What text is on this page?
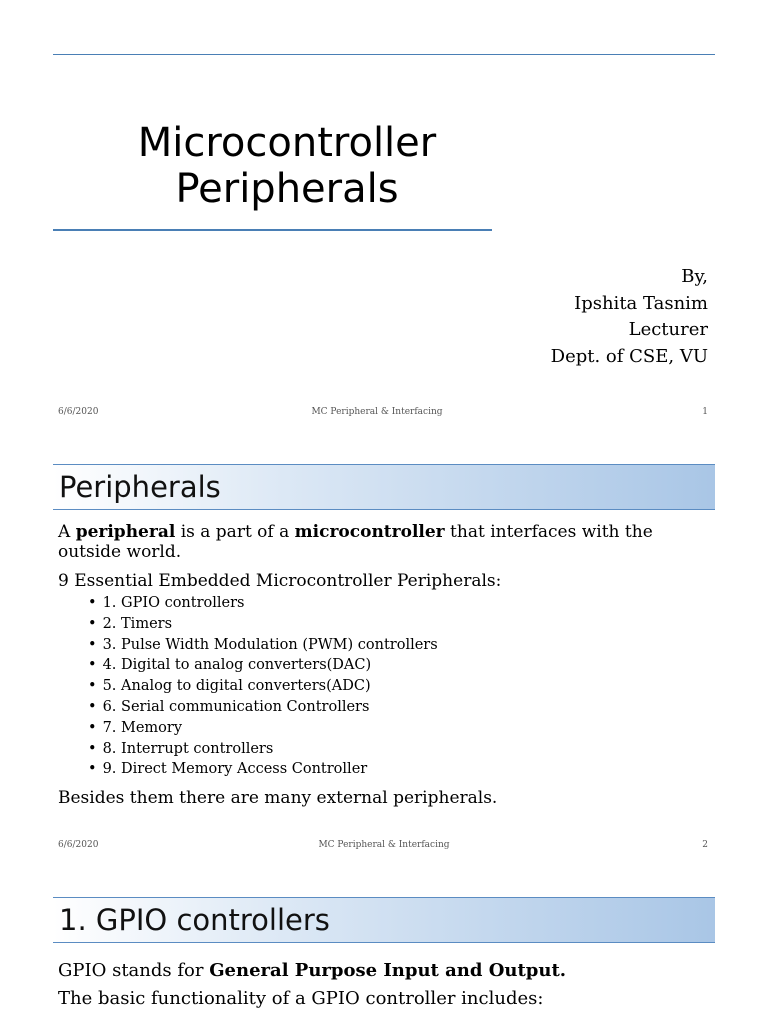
Microcontroller
Peripherals
By,
Ipshita Tasnim
Lecturer
Dept. of CSE, VU
6/6/2020	MC Peripheral & Interfacing	1
Peripherals
A peripheral is a part of a microcontroller that interfaces with the outside world.
9 Essential Embedded Microcontroller Peripherals:
• 1. GPIO controllers
• 2. Timers
• 3. Pulse Width Modulation (PWM) controllers
• 4. Digital to analog converters(DAC)
• 5. Analog to digital converters(ADC)
• 6. Serial communication Controllers
• 7. Memory
• 8. Interrupt controllers
• 9. Direct Memory Access Controller
Besides them there are many external peripherals.
6/6/2020	MC Peripheral & Interfacing	2
1. GPIO controllers
GPIO stands for General Purpose Input and Output.
The basic functionality of a GPIO controller includes:
